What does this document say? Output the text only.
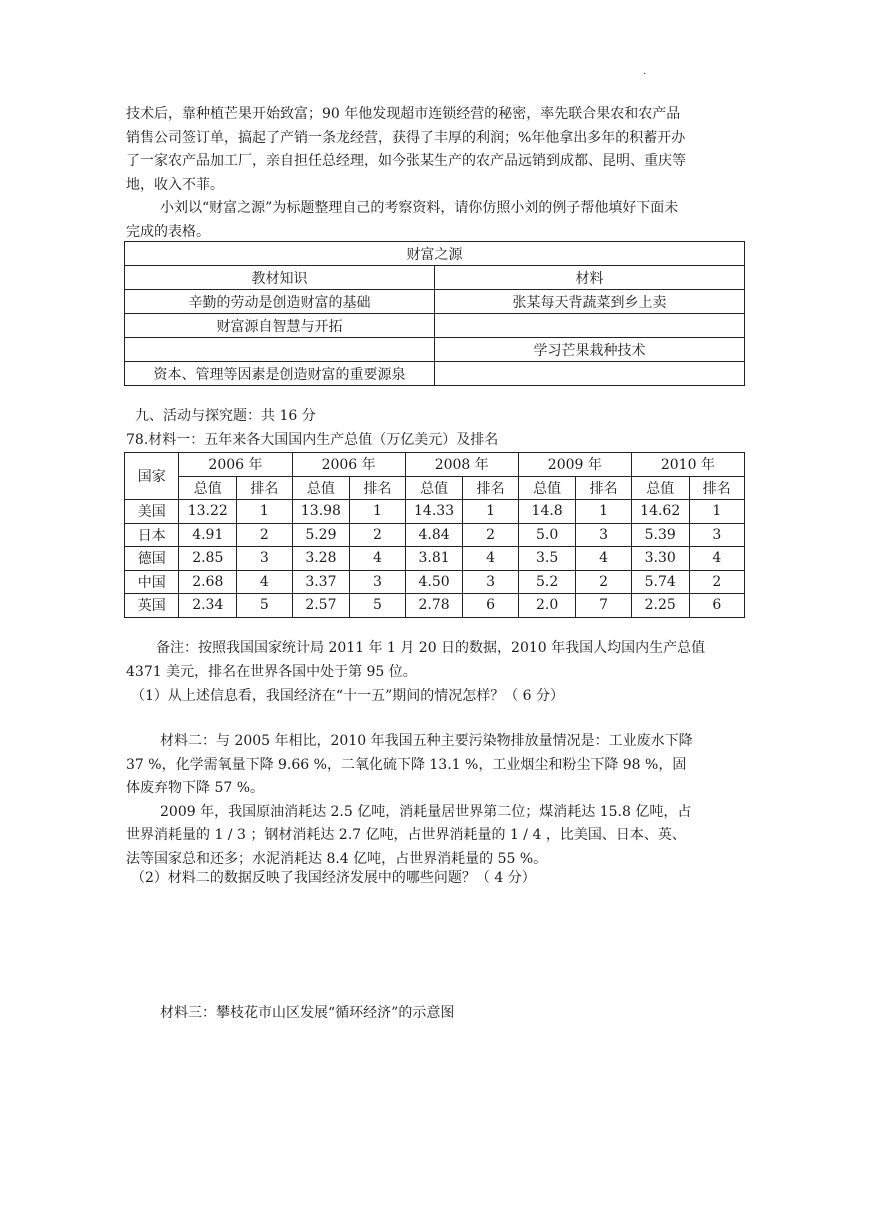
.
技术后，靠种植芒果开始致富；90 年他发现超市连锁经营的秘密，率先联合果农和农产品
销售公司签订单，搞起了产销一条龙经营，获得了丰厚的利润；%年他拿出多年的积蓄开办
了一家农产品加工厂，亲自担任总经理，如今张某生产的农产品远销到成都、昆明、重庆等
地，收入不菲。
小刘以“财富之源”为标题整理自己的考察资料，请你仿照小刘的例子帮他填好下面未
完成的表格。
财富之源	
教材知识	材料
辛勤的劳动是创造财富的基础	张某每天背蔬菜到乡上卖
财富源自智慧与开拓	
	学习芒果栽种技术
资本、管理等因素是创造财富的重要源泉	
九、活动与探究题：共 16 分
78.材料一：五年来各大国国内生产总值（万亿美元）及排名
国家	2006 年		2006 年		2008 年		2009 年		2010 年	
	总值	排名	总值	排名	总值	排名	总值	排名	总值	排名
美国	13.22	1	13.98	1	14.33	1	14.8	1	14.62	1
日本	4.91	2	5.29	2	4.84	2	5.0	3	5.39	3
德国	2.85	3	3.28	4	3.81	4	3.5	4	3.30	4
中国	2.68	4	3.37	3	4.50	3	5.2	2	5.74	2
英国	2.34	5	2.57	5	2.78	6	2.0	7	2.25	6
备注：按照我国国家统计局 2011 年 1 月 20 日的数据，2010 年我国人均国内生产总值
4371 美元，排名在世界各国中处于第 95 位。
（1）从上述信息看，我国经济在“十一五”期间的情况怎样？（ 6 分）
材料二：与 2005 年相比，2010 年我国五种主要污染物排放量情况是：工业废水下降
37 %，化学需氧量下降 9.66 %，二氧化硫下降 13.1 %，工业烟尘和粉尘下降 98 %，固
体废弃物下降 57 %。
2009 年，我国原油消耗达 2.5 亿吨，消耗量居世界第二位；煤消耗达 15.8 亿吨，占
世界消耗量的 1 / 3 ；钢材消耗达 2.7 亿吨，占世界消耗量的 1 / 4 ，比美国、日本、英、
法等国家总和还多；水泥消耗达 8.4 亿吨，占世界消耗量的 55 %。
（2）材料二的数据反映了我国经济发展中的哪些问题？（ 4 分）
材料三：攀枝花市山区发展“循环经济”的示意图
